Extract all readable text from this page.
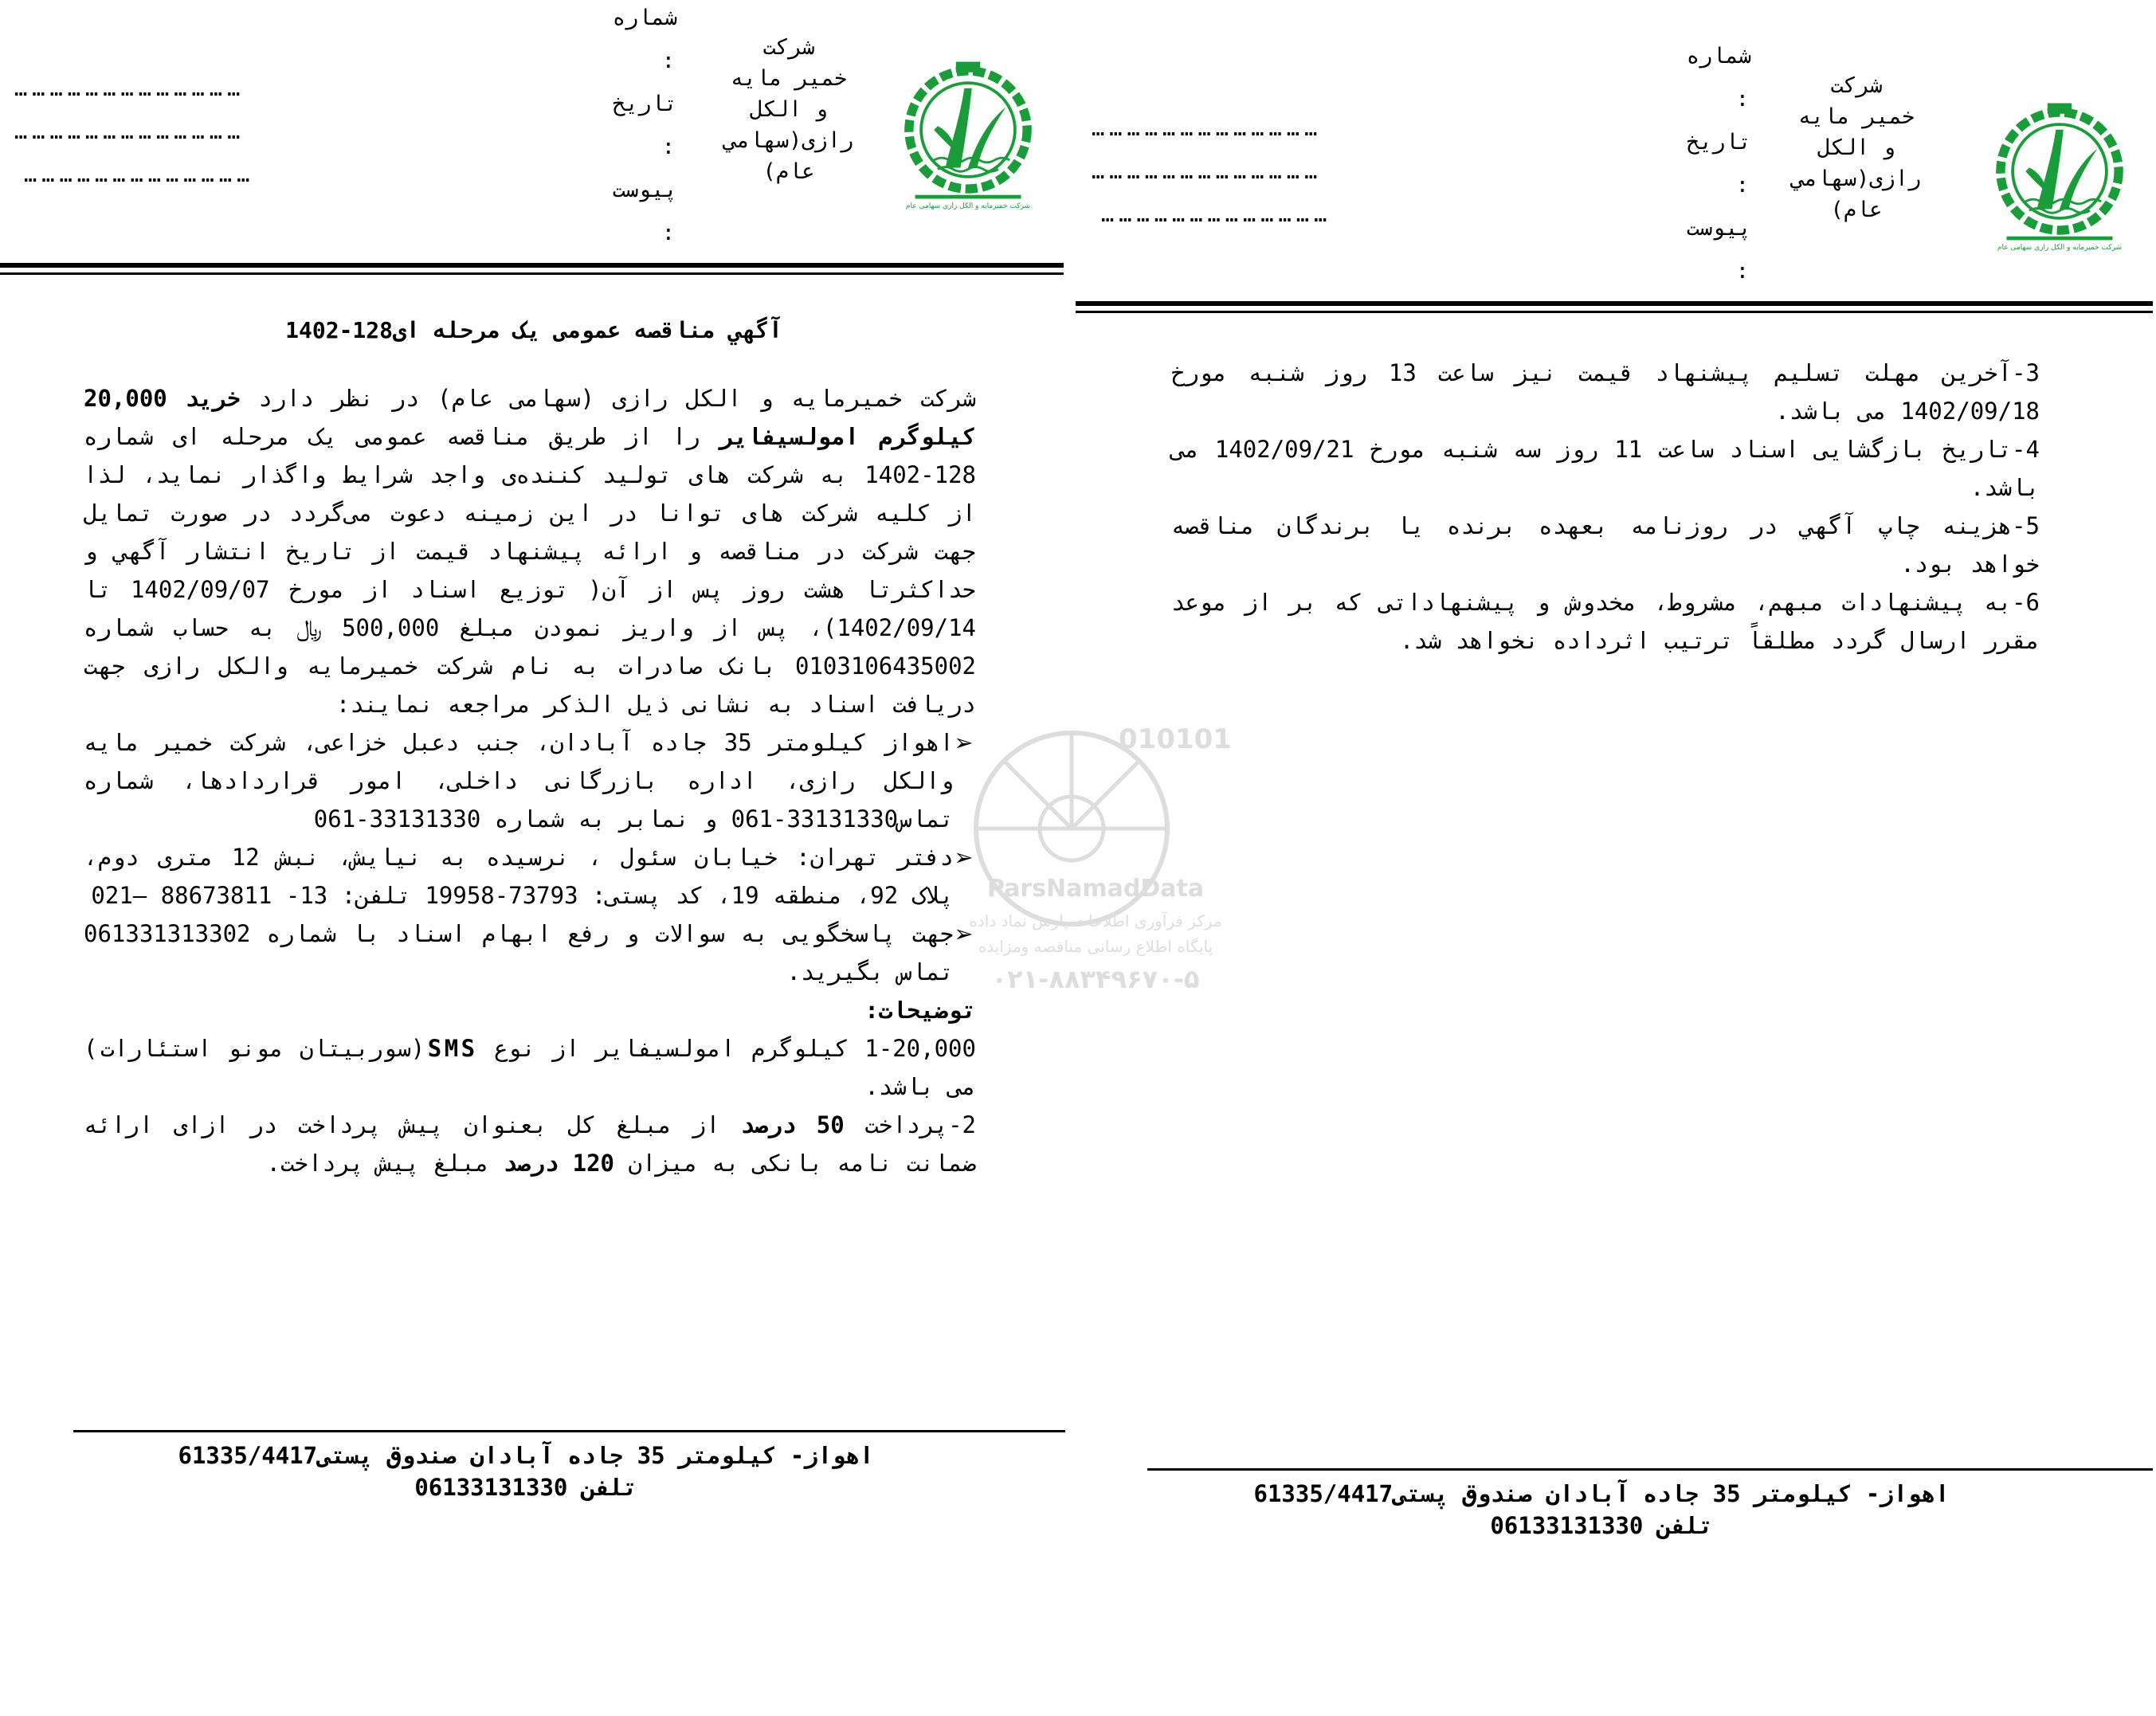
شرکت خمیرمایه و الکل رازی سهامی عام
شرکت
خمیر مایه
و الکل
رازی(سهامي
عام)
شماره
:
تاريخ
:
پیوست
:
…………………………………
…………………………………
…………………………………
آگهي مناقصه عمومی یک مرحله ای128-1402

شرکت خمیرمایه و الکل رازی (سهامی عام) در نظر دارد خرید 20,000 کیلوگرم امولسیفایر را از طریق مناقصه عمومی یک مرحله ای شماره 128-1402 به شرکت های تولید کننده‌ی واجد شرایط واگذار نماید، لذا از کلیه شرکت های توانا در این زمینه دعوت می‌گردد در صورت تمایل جهت شرکت در مناقصه و ارائه پیشنهاد قیمت از تاریخ انتشار آگهي و حداکثرتا هشت روز پس از آن( توزیع اسناد از مورخ 1402/09/07 تا 1402/09/14)، پس از واریز نمودن مبلغ 500,000 ﷼ به حساب شماره 0103106435002 بانک صادرات به نام شرکت خمیرمایه والکل رازی جهت دریافت اسناد به نشانی ذیل الذکر مراجعه نمایند:

➢ اهواز کیلومتر 35 جاده آبادان، جنب دعبل خزاعی، شرکت خمیر مایه والکل رازی، اداره بازرگانی داخلی، امور قراردادها، شماره تماس33131330-061 و نمابر به شماره 33131330-061

➢ دفتر تهران: خیابان سئول ، نرسیده به نیایش، نبش 12 متری دوم، پلاک 92، منطقه 19، کد پستی: 73793-19958 تلفن: 13- 88673811 –021

➢ جهت پاسخگویی به سوالات و رفع ابهام اسناد با شماره 061331313302 تماس بگیرید.

توضیحات:

1-20,000 کیلوگرم امولسیفایر از نوع SMS(سوربیتان مونو استئارات) می باشد.

2-پرداخت 50 درصد از مبلغ کل بعنوان پیش پرداخت در ازای ارائه ضمانت نامه بانکی به میزان 120 درصد مبلغ پیش پرداخت.

اهواز- کیلومتر 35 جاده آبادان صندوق پستی61335/4417
تلفن 06133131330
شرکت خمیرمایه و الکل رازی سهامی عام
شرکت
خمیر مایه
و الکل
رازی(سهامي
عام)
شماره
:
تاريخ
:
پیوست
:
…………………………………
…………………………………
…………………………………

3-آخرین مهلت تسلیم پیشنهاد قیمت نیز ساعت 13 روز شنبه مورخ 1402/09/18 می باشد.

4-تاریخ بازگشایی اسناد ساعت 11 روز سه شنبه مورخ 1402/09/21 می باشد.

5-هزینه چاپ آگهي در روزنامه بعهده برنده یا برندگان مناقصه خواهد بود.

6-به پیشنهادات مبهم، مشروط، مخدوش و پیشنهاداتی که بر از موعد مقرر ارسال گردد مطلقاً ترتیب اثرداده نخواهد شد.

اهواز- کیلومتر 35 جاده آبادان صندوق پستی61335/4417
تلفن 06133131330
010101
ParsNamadData
مرکز فرآوری اطلاعات پارس نماد داده
پایگاه اطلاع رسانی مناقصه ومزایده
۰۲۱-۸۸۳۴۹۶۷۰-۵
